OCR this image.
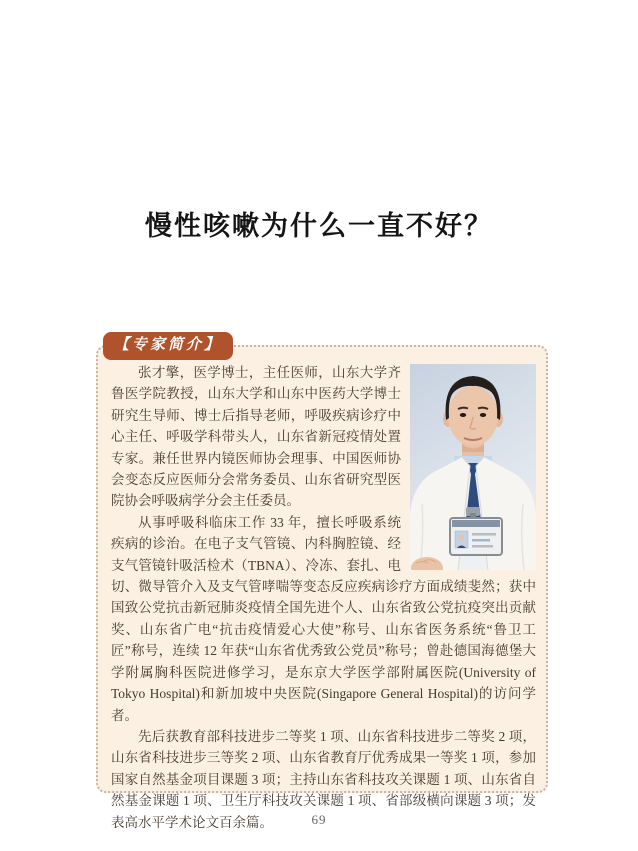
慢性咳嗽为什么一直不好？
【专家简介】

张才擎，医学博士，主任医师，山东大学齐鲁医学院教授，山东大学和山东中医药大学博士研究生导师、博士后指导老师，呼吸疾病诊疗中心主任、呼吸学科带头人，山东省新冠疫情处置专家。兼任世界内镜医师协会理事、中国医师协会变态反应医师分会常务委员、山东省研究型医院协会呼吸病学分会主任委员。

从事呼吸科临床工作 33 年，擅长呼吸系统疾病的诊治。在电子支气管镜、内科胸腔镜、经支气管镜针吸活检术（TBNA）、冷冻、套扎、电切、微导管介入及支气管哮喘等变态反应疾病诊疗方面成绩斐然；获中国致公党抗击新冠肺炎疫情全国先进个人、山东省致公党抗疫突出贡献奖、山东省广电“抗击疫情爱心大使”称号、山东省医务系统“鲁卫工匠”称号，连续 12 年获“山东省优秀致公党员”称号；曾赴德国海德堡大学附属胸科医院进修学习，是东京大学医学部附属医院(University of Tokyo Hospital)和新加坡中央医院(Singapore General Hospital)的访问学者。

先后获教育部科技进步二等奖 1 项、山东省科技进步二等奖 2 项，山东省科技进步三等奖 2 项、山东省教育厅优秀成果一等奖 1 项，参加国家自然基金项目课题 3 项；主持山东省科技攻关课题 1 项、山东省自然基金课题 1 项、卫生厅科技攻关课题 1 项、省部级横向课题 3 项；发表高水平学术论文百余篇。	69
